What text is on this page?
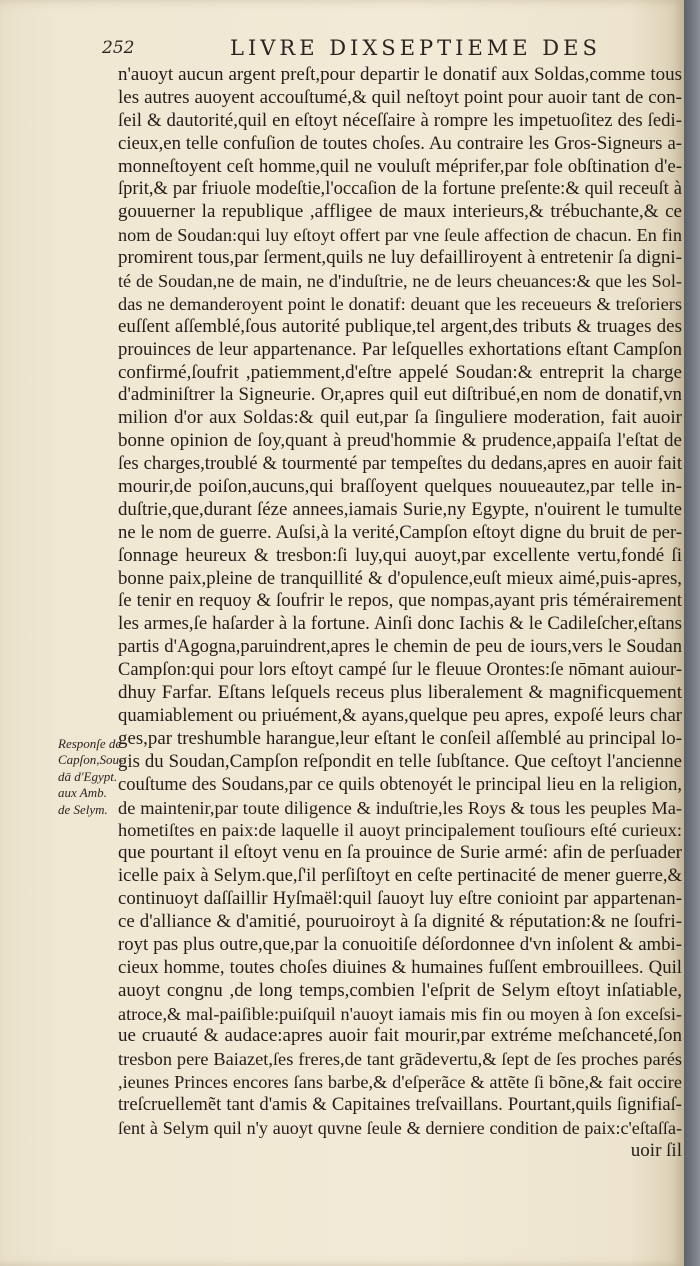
252	LIVRE DIXSEPTIEME DES
Responſe de
Capſon,Sou-
dā d'Egypt.
aux Amb.
de Selym.
n'auoyt aucun argent preſt,pour departir le donatif aux Soldas,comme tous
les autres auoyent accouſtumé,& quil neſtoyt point pour auoir tant de con-
ſeil & dautorité,quil en eſtoyt néceſſaire à rompre les impetuoſitez des ſedi-
cieux,en telle confuſion de toutes choſes. Au contraire les Gros-Signeurs a-
monneſtoyent ceſt homme,quil ne vouluſt méprifer,par fole obſtination d'e-
ſprit,& par friuole modeſtie,l'occaſion de la fortune preſente:& quil receuſt à
gouuerner la republique ,affligee de maux interieurs,& trébuchante,& ce
nom de Soudan:qui luy eſtoyt offert par vne ſeule affection de chacun. En fin
promirent tous,par ſerment,quils ne luy defailliroyent à entretenir ſa digni-
té de Soudan,ne de main, ne d'induſtrie, ne de leurs cheuances:& que les Sol-
das ne demanderoyent point le donatif: deuant que les receueurs & treſoriers
euſſent aſſemblé,ſous autorité publique,tel argent,des tributs & truages des
prouinces de leur appartenance. Par leſquelles exhortations eſtant Campſon
confirmé,ſoufrit ,patiemment,d'eſtre appelé Soudan:& entreprit la charge
d'adminiſtrer la Signeurie. Or,apres quil eut diſtribué,en nom de donatif,vn
milion d'or aux Soldas:& quil eut,par ſa ſinguliere moderation, fait auoir
bonne opinion de ſoy,quant à preud'hommie & prudence,appaiſa l'eſtat de
ſes charges,troublé & tourmenté par tempeſtes du dedans,apres en auoir fait
mourir,de poiſon,aucuns,qui braſſoyent quelques nouueautez,par telle in-
duſtrie,que,durant ſéze annees,iamais Surie,ny Egypte, n'ouirent le tumulte
ne le nom de guerre. Auſsi,à la verité,Campſon eſtoyt digne du bruit de per-
ſonnage heureux & tresbon:ſi luy,qui auoyt,par excellente vertu,fondé ſi
bonne paix,pleine de tranquillité & d'opulence,euſt mieux aimé,puis-apres,
ſe tenir en requoy & ſoufrir le repos, que nompas,ayant pris témérairement
les armes,ſe haſarder à la fortune. Ainſi donc Iachis & le Cadileſcher,eſtans
partis d'Agogna,paruindrent,apres le chemin de peu de iours,vers le Soudan
Campſon:qui pour lors eſtoyt campé ſur le fleuue Orontes:ſe nōmant auiour-
dhuy Farfar. Eſtans leſquels receus plus liberalement & magnificquement
quamiablement ou priuément,& ayans,quelque peu apres, expoſé leurs char
ges,par treshumble harangue,leur eſtant le conſeil aſſemblé au principal lo-
gis du Soudan,Campſon reſpondit en telle ſubſtance. Que ceſtoyt l'ancienne
couſtume des Soudans,par ce quils obtenoyét le principal lieu en la religion,
de maintenir,par toute diligence & induſtrie,les Roys & tous les peuples Ma-
hometiſtes en paix:de laquelle il auoyt principalement touſiours eſté curieux:
que pourtant il eſtoyt venu en ſa prouince de Surie armé: afin de perſuader
icelle paix à Selym.que,ſ'il perſiſtoyt en ceſte pertinacité de mener guerre,&
continuoyt daſſaillir Hyſmaël:quil ſauoyt luy eſtre conioint par appartenan-
ce d'alliance & d'amitié, pouruoiroyt à ſa dignité & réputation:& ne ſoufri-
royt pas plus outre,que,par la conuoitiſe déſordonnee d'vn inſolent & ambi-
cieux homme, toutes choſes diuines & humaines fuſſent embrouillees. Quil
auoyt congnu ,de long temps,combien l'eſprit de Selym eſtoyt inſatiable,
atroce,& mal-paiſible:puiſquil n'auoyt iamais mis fin ou moyen à ſon exceſsi-
ue cruauté & audace:apres auoir fait mourir,par extréme meſchanceté,ſon
tresbon pere Baiazet,ſes freres,de tant grãdevertu,& ſept de ſes proches parés
,ieunes Princes encores ſans barbe,& d'eſperãce & attẽte ſi bõne,& fait occire
treſcruellemẽt tant d'amis & Capitaines treſvaillans. Pourtant,quils ſignifiaſ-
ſent à Selym quil n'y auoyt quvne ſeule & derniere condition de paix:c'eſtaſſa-
uoir ſil
